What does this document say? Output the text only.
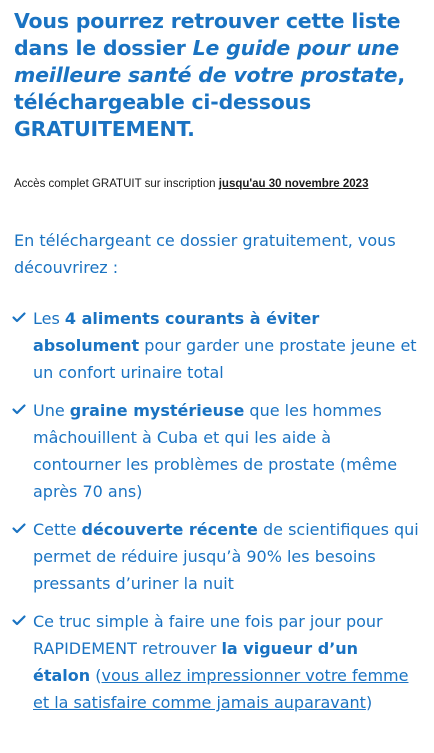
Vous pourrez retrouver cette liste dans le dossier Le guide pour une meilleure santé de votre prostate, téléchargeable ci-dessous GRATUITEMENT.
Accès complet GRATUIT sur inscription jusqu'au 30 novembre 2023
En téléchargeant ce dossier gratuitement, vous découvrirez :
Les 4 aliments courants à éviter absolument pour garder une prostate jeune et un confort urinaire total
Une graine mystérieuse que les hommes mâchouillent à Cuba et qui les aide à contourner les problèmes de prostate (même après 70 ans)
Cette découverte récente de scientifiques qui permet de réduire jusqu’à 90% les besoins pressants d’uriner la nuit
Ce truc simple à faire une fois par jour pour RAPIDEMENT retrouver la vigueur d’un étalon (vous allez impressionner votre femme et la satisfaire comme jamais auparavant)
